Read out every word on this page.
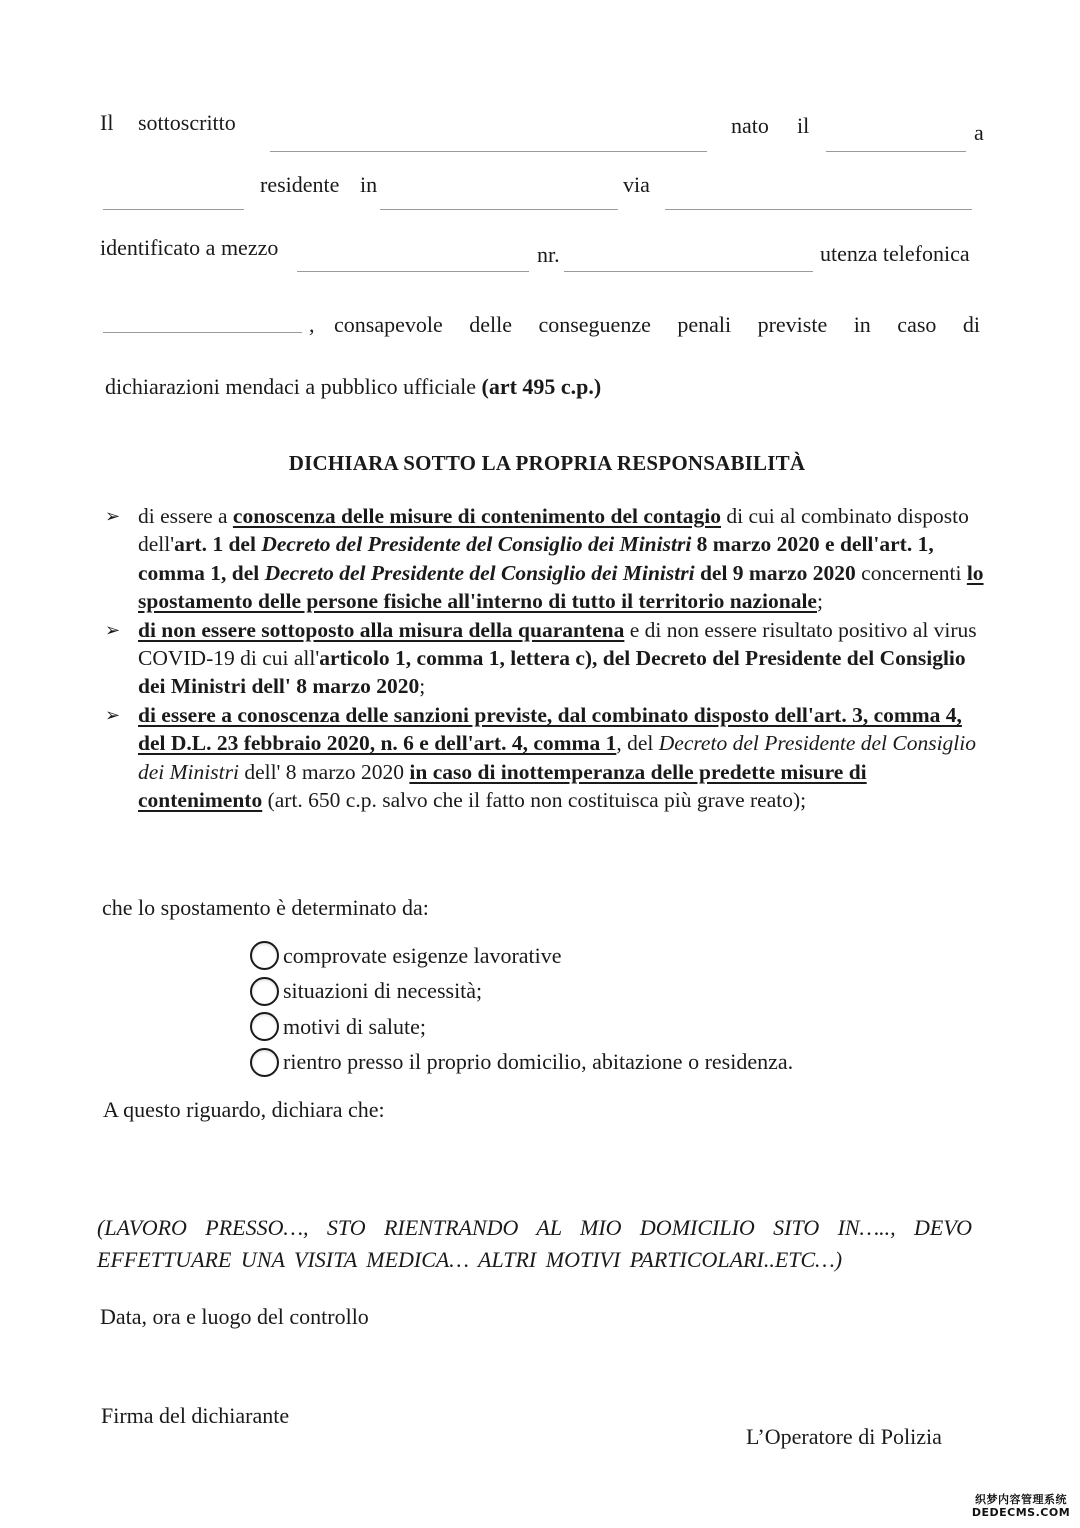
Il sottoscritto	nato il	a
residente in	via
identificato a mezzo	nr.	utenza telefonica
, consapevole delle conseguenze penali previste in caso di
dichiarazioni mendaci a pubblico ufficiale (art 495 c.p.)
DICHIARA SOTTO LA PROPRIA RESPONSABILITÀ
➢ di essere a conoscenza delle misure di contenimento del contagio di cui al combinato disposto dell'art. 1 del Decreto del Presidente del Consiglio dei Ministri 8 marzo 2020 e dell'art. 1, comma 1, del Decreto del Presidente del Consiglio dei Ministri del 9 marzo 2020 concernenti lo spostamento delle persone fisiche all'interno di tutto il territorio nazionale;
➢ di non essere sottoposto alla misura della quarantena e di non essere risultato positivo al virus COVID-19 di cui all'articolo 1, comma 1, lettera c), del Decreto del Presidente del Consiglio dei Ministri dell' 8 marzo 2020;
➢ di essere a conoscenza delle sanzioni previste, dal combinato disposto dell'art. 3, comma 4, del D.L. 23 febbraio 2020, n. 6 e dell'art. 4, comma 1, del Decreto del Presidente del Consiglio dei Ministri dell' 8 marzo 2020 in caso di inottemperanza delle predette misure di contenimento (art. 650 c.p. salvo che il fatto non costituisca più grave reato);
che lo spostamento è determinato da:
comprovate esigenze lavorative
situazioni di necessità;
motivi di salute;
rientro presso il proprio domicilio, abitazione o residenza.
A questo riguardo, dichiara che:
(LAVORO PRESSO…, STO RIENTRANDO AL MIO DOMICILIO SITO IN….., DEVO EFFETTUARE UNA VISITA MEDICA… ALTRI MOTIVI PARTICOLARI..ETC…)
Data, ora e luogo del controllo
Firma del dichiarante
L’Operatore di Polizia
织梦内容管理系统
DEDECMS.COM
